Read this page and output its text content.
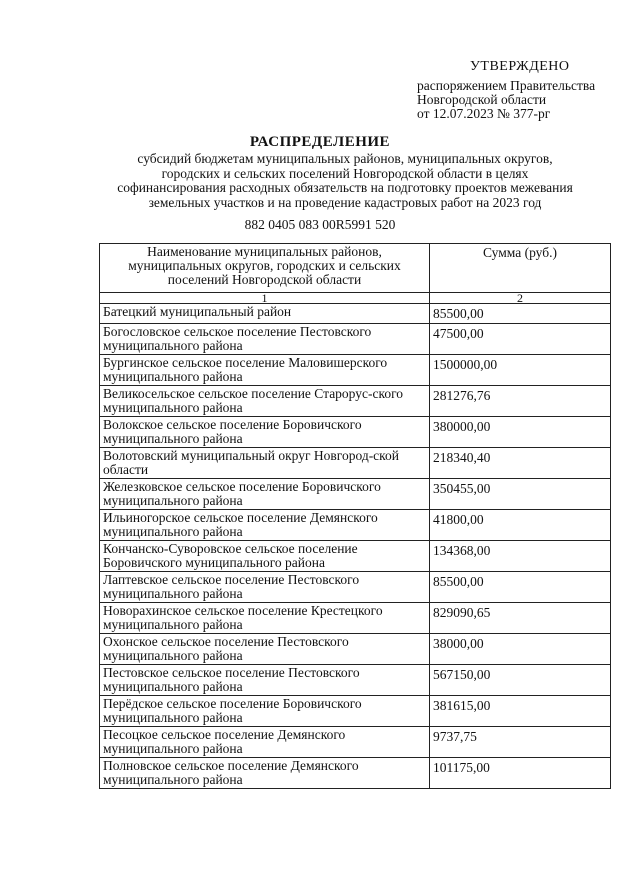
УТВЕРЖДЕНО
распоряжением Правительства
Новгородской области
от 12.07.2023 № 377-рг
РАСПРЕДЕЛЕНИЕ
субсидий бюджетам муниципальных районов, муниципальных округов, городских и сельских поселений Новгородской области в целях софинансирования расходных обязательств на подготовку проектов межевания земельных участков и на проведение кадастровых работ на 2023 год
882 0405 083 00R5991 520
Наименование муниципальных районов, муниципальных округов, городских и сельских поселений Новгородской области	Сумма (руб.)
1	2
Батецкий муниципальный район	85500,00
Богословское сельское поселение Пестовского муниципального района	47500,00
Бургинское сельское поселение Маловишерского муниципального района	1500000,00
Великосельское сельское поселение Старорус-ского муниципального района	281276,76
Волокское сельское поселение Боровичского муниципального района	380000,00
Волотовский муниципальный округ Новгород-ской области	218340,40
Железковское сельское поселение Боровичского муниципального района	350455,00
Ильиногорское сельское поселение Демянского муниципального района	41800,00
Кончанско-Суворовское сельское поселение Боровичского муниципального района	134368,00
Лаптевское сельское поселение Пестовского муниципального района	85500,00
Новорахинское сельское поселение Крестецкого муниципального района	829090,65
Охонское сельское поселение Пестовского муниципального района	38000,00
Пестовское сельское поселение Пестовского муниципального района	567150,00
Перёдское сельское поселение Боровичского муниципального района	381615,00
Песоцкое сельское поселение Демянского муниципального района	9737,75
Полновское сельское поселение Демянского муниципального района	101175,00
